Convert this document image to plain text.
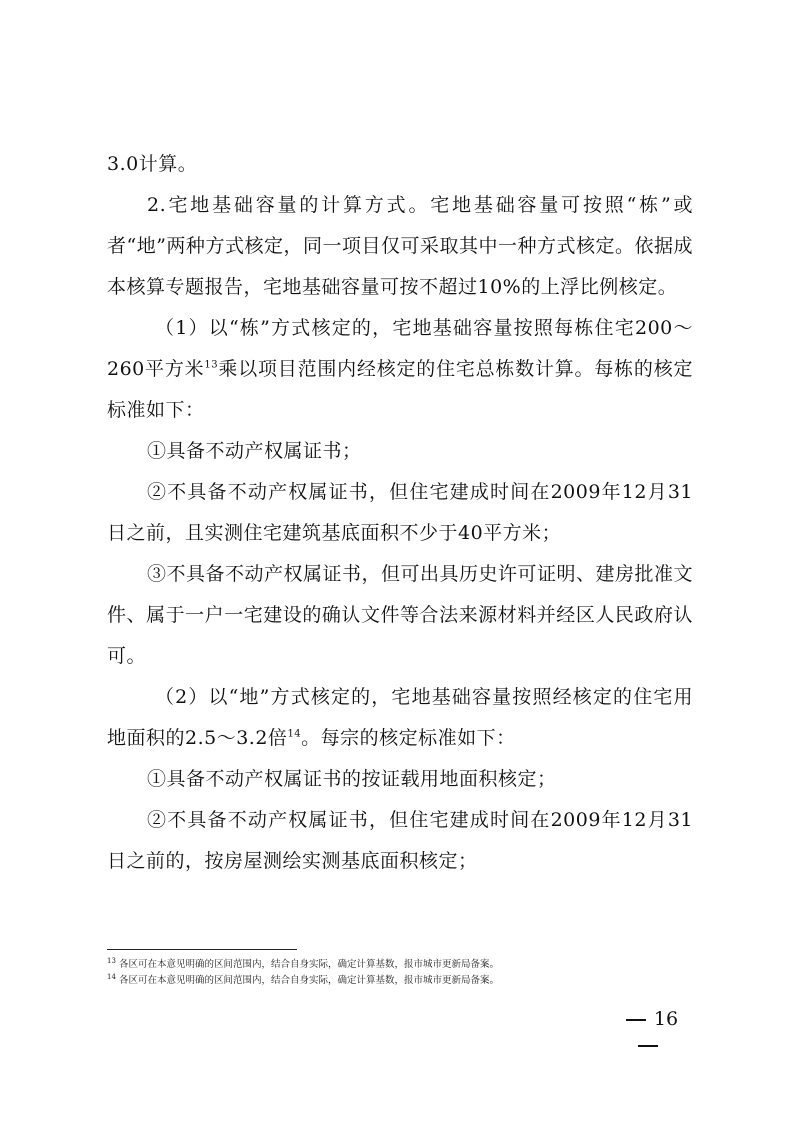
3.0计算。

2.宅地基础容量的计算方式。宅地基础容量可按照“栋”或者“地”两种方式核定，同一项目仅可采取其中一种方式核定。依据成本核算专题报告，宅地基础容量可按不超过10%的上浮比例核定。

（1）以“栋”方式核定的，宅地基础容量按照每栋住宅200～260平方米$^{13}$乘以项目范围内经核定的住宅总栋数计算。每栋的核定标准如下：

①具备不动产权属证书；

②不具备不动产权属证书，但住宅建成时间在2009年12月31日之前，且实测住宅建筑基底面积不少于40平方米；

③不具备不动产权属证书，但可出具历史许可证明、建房批准文件、属于一户一宅建设的确认文件等合法来源材料并经区人民政府认可。

（2）以“地”方式核定的，宅地基础容量按照经核定的住宅用地面积的2.5～3.2倍$^{14}$。每宗的核定标准如下：

①具备不动产权属证书的按证载用地面积核定；

②不具备不动产权属证书，但住宅建成时间在2009年12月31日之前的，按房屋测绘实测基底面积核定；

$^{13}$ 各区可在本意见明确的区间范围内，结合自身实际，确定计算基数，报市城市更新局备案。

$^{14}$ 各区可在本意见明确的区间范围内，结合自身实际，确定计算基数，报市城市更新局备案。

16
